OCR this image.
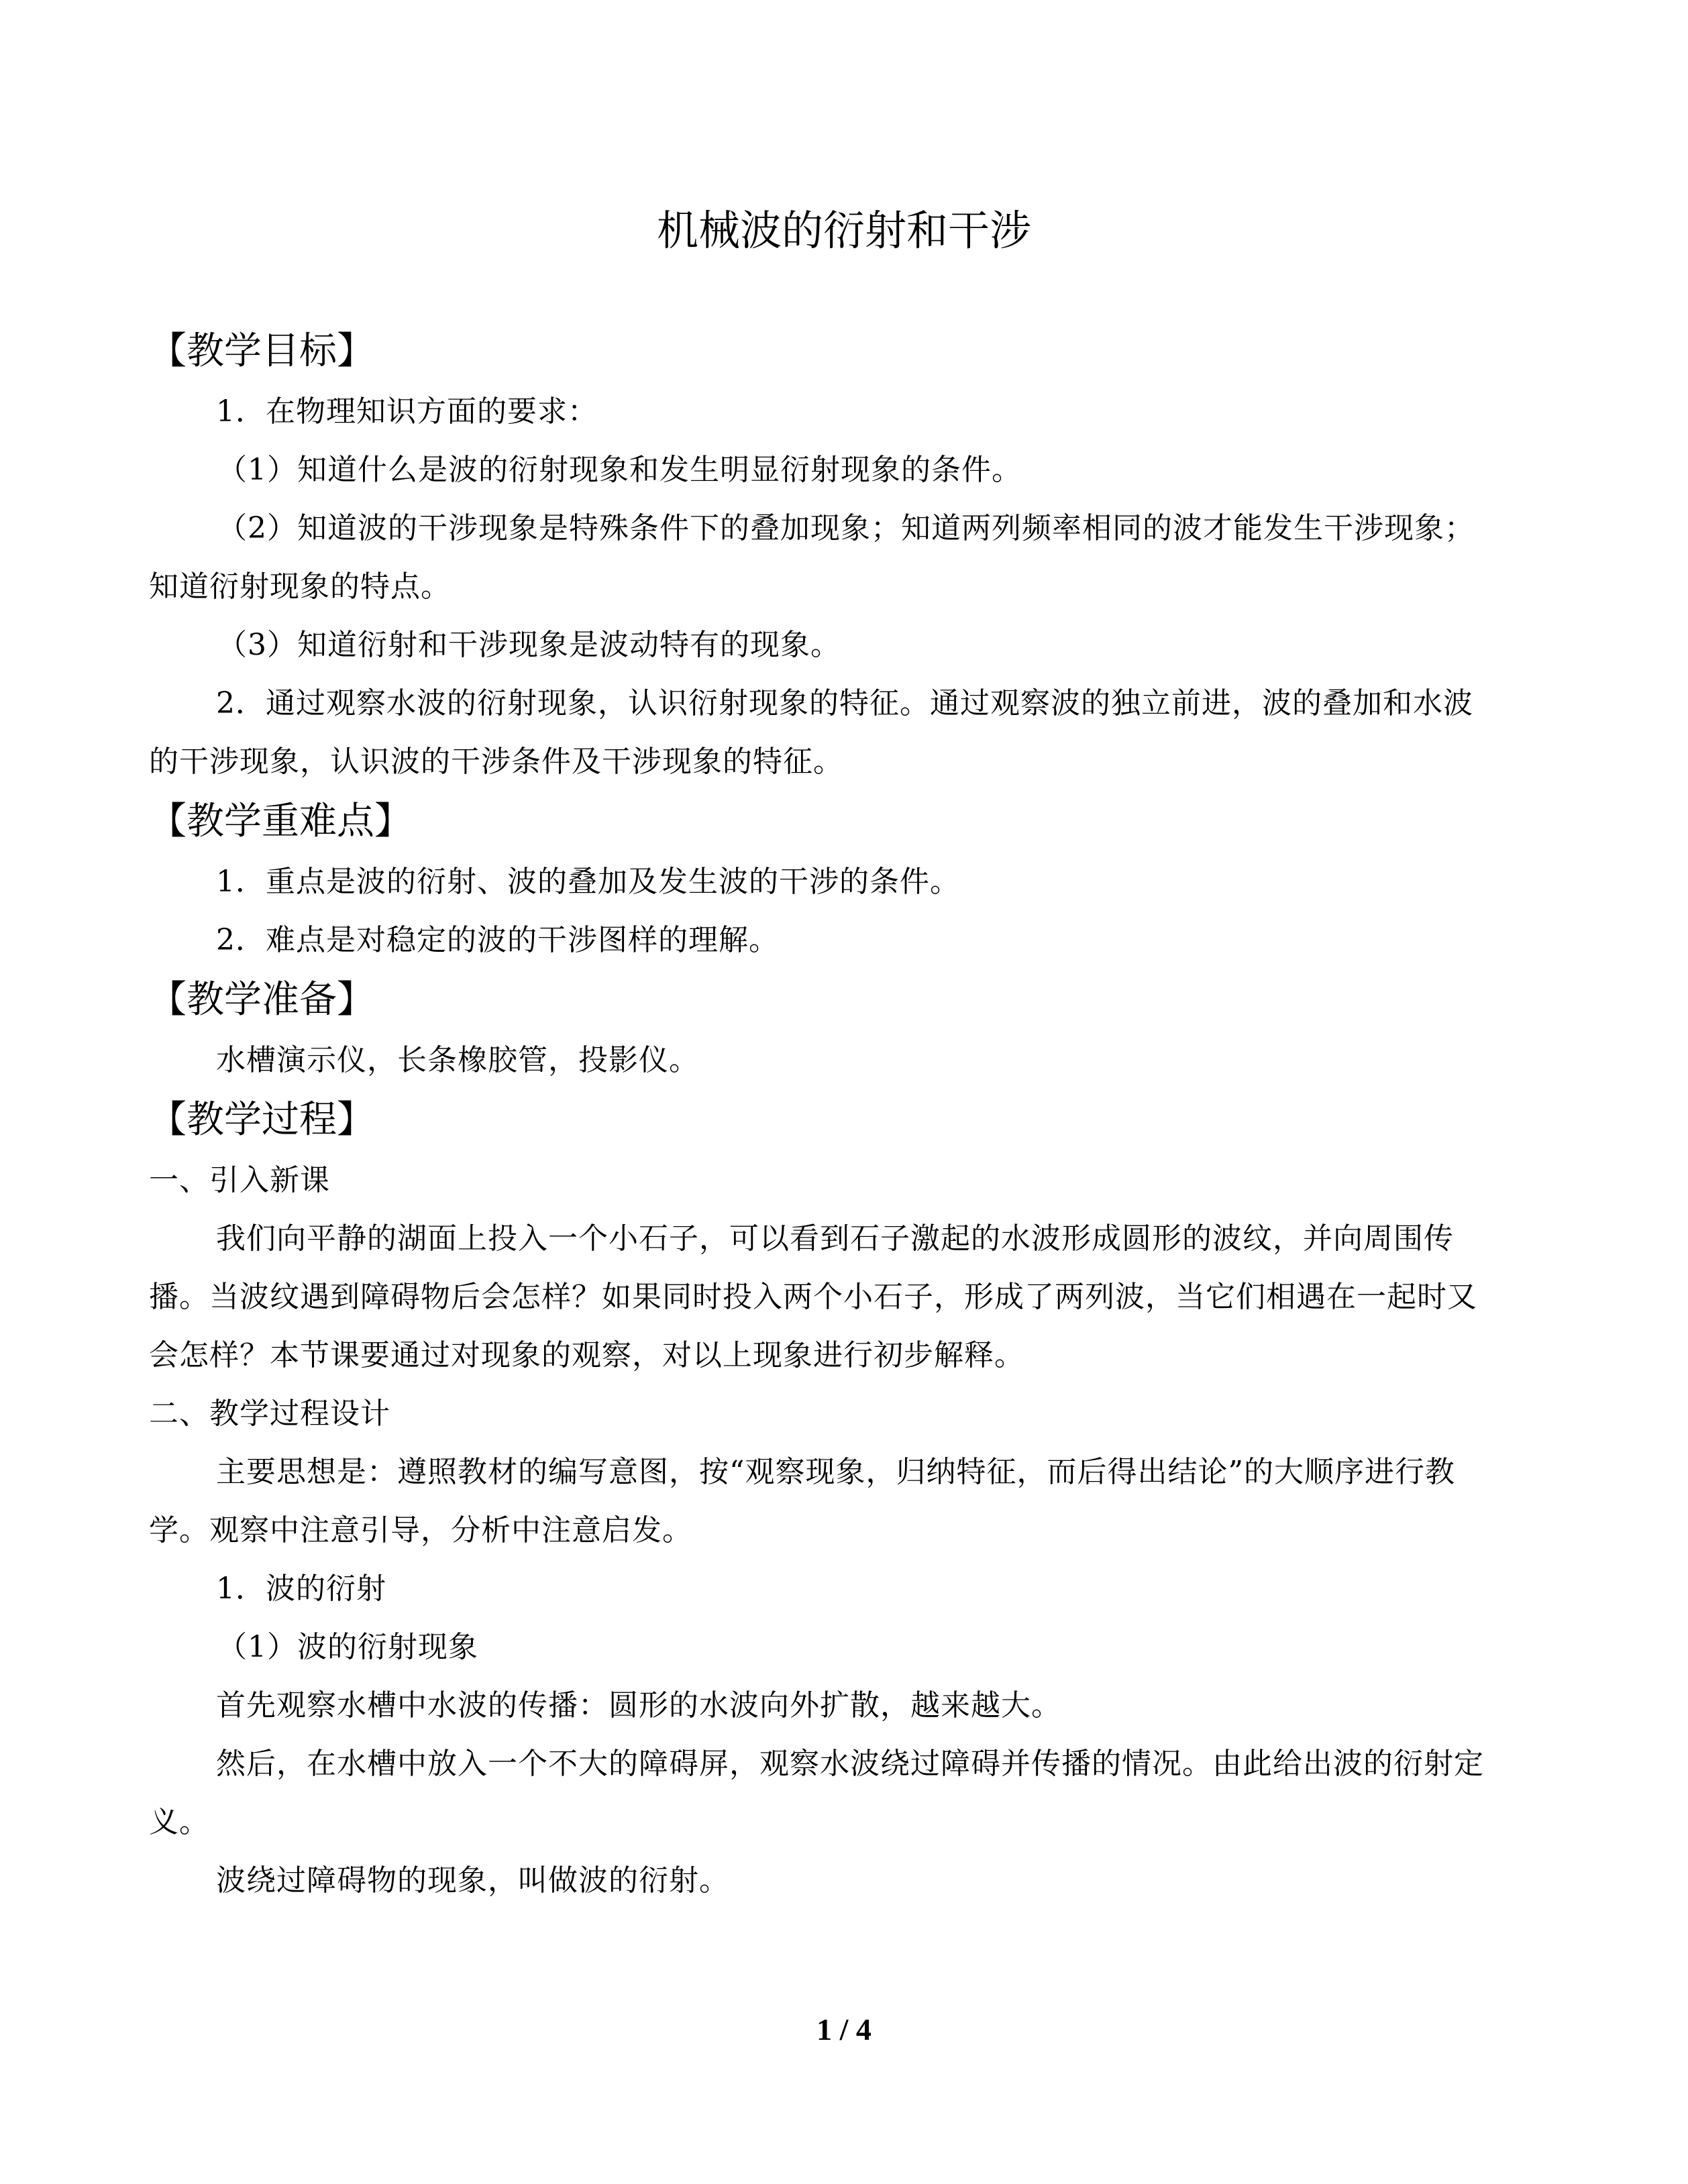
机械波的衍射和干涉
【教学目标】

1．在物理知识方面的要求：

（1）知道什么是波的衍射现象和发生明显衍射现象的条件。

（2）知道波的干涉现象是特殊条件下的叠加现象；知道两列频率相同的波才能发生干涉现象；知道衍射现象的特点。

（3）知道衍射和干涉现象是波动特有的现象。

2．通过观察水波的衍射现象，认识衍射现象的特征。通过观察波的独立前进，波的叠加和水波的干涉现象，认识波的干涉条件及干涉现象的特征。

【教学重难点】

1．重点是波的衍射、波的叠加及发生波的干涉的条件。

2．难点是对稳定的波的干涉图样的理解。

【教学准备】

水槽演示仪，长条橡胶管，投影仪。

【教学过程】

一、引入新课

我们向平静的湖面上投入一个小石子，可以看到石子激起的水波形成圆形的波纹，并向周围传播。当波纹遇到障碍物后会怎样？如果同时投入两个小石子，形成了两列波，当它们相遇在一起时又会怎样？本节课要通过对现象的观察，对以上现象进行初步解释。

二、教学过程设计

主要思想是：遵照教材的编写意图，按“观察现象，归纳特征，而后得出结论”的大顺序进行教学。观察中注意引导，分析中注意启发。

1．波的衍射

（1）波的衍射现象

首先观察水槽中水波的传播：圆形的水波向外扩散，越来越大。

然后，在水槽中放入一个不大的障碍屏，观察水波绕过障碍并传播的情况。由此给出波的衍射定义。

波绕过障碍物的现象，叫做波的衍射。

1 / 4
